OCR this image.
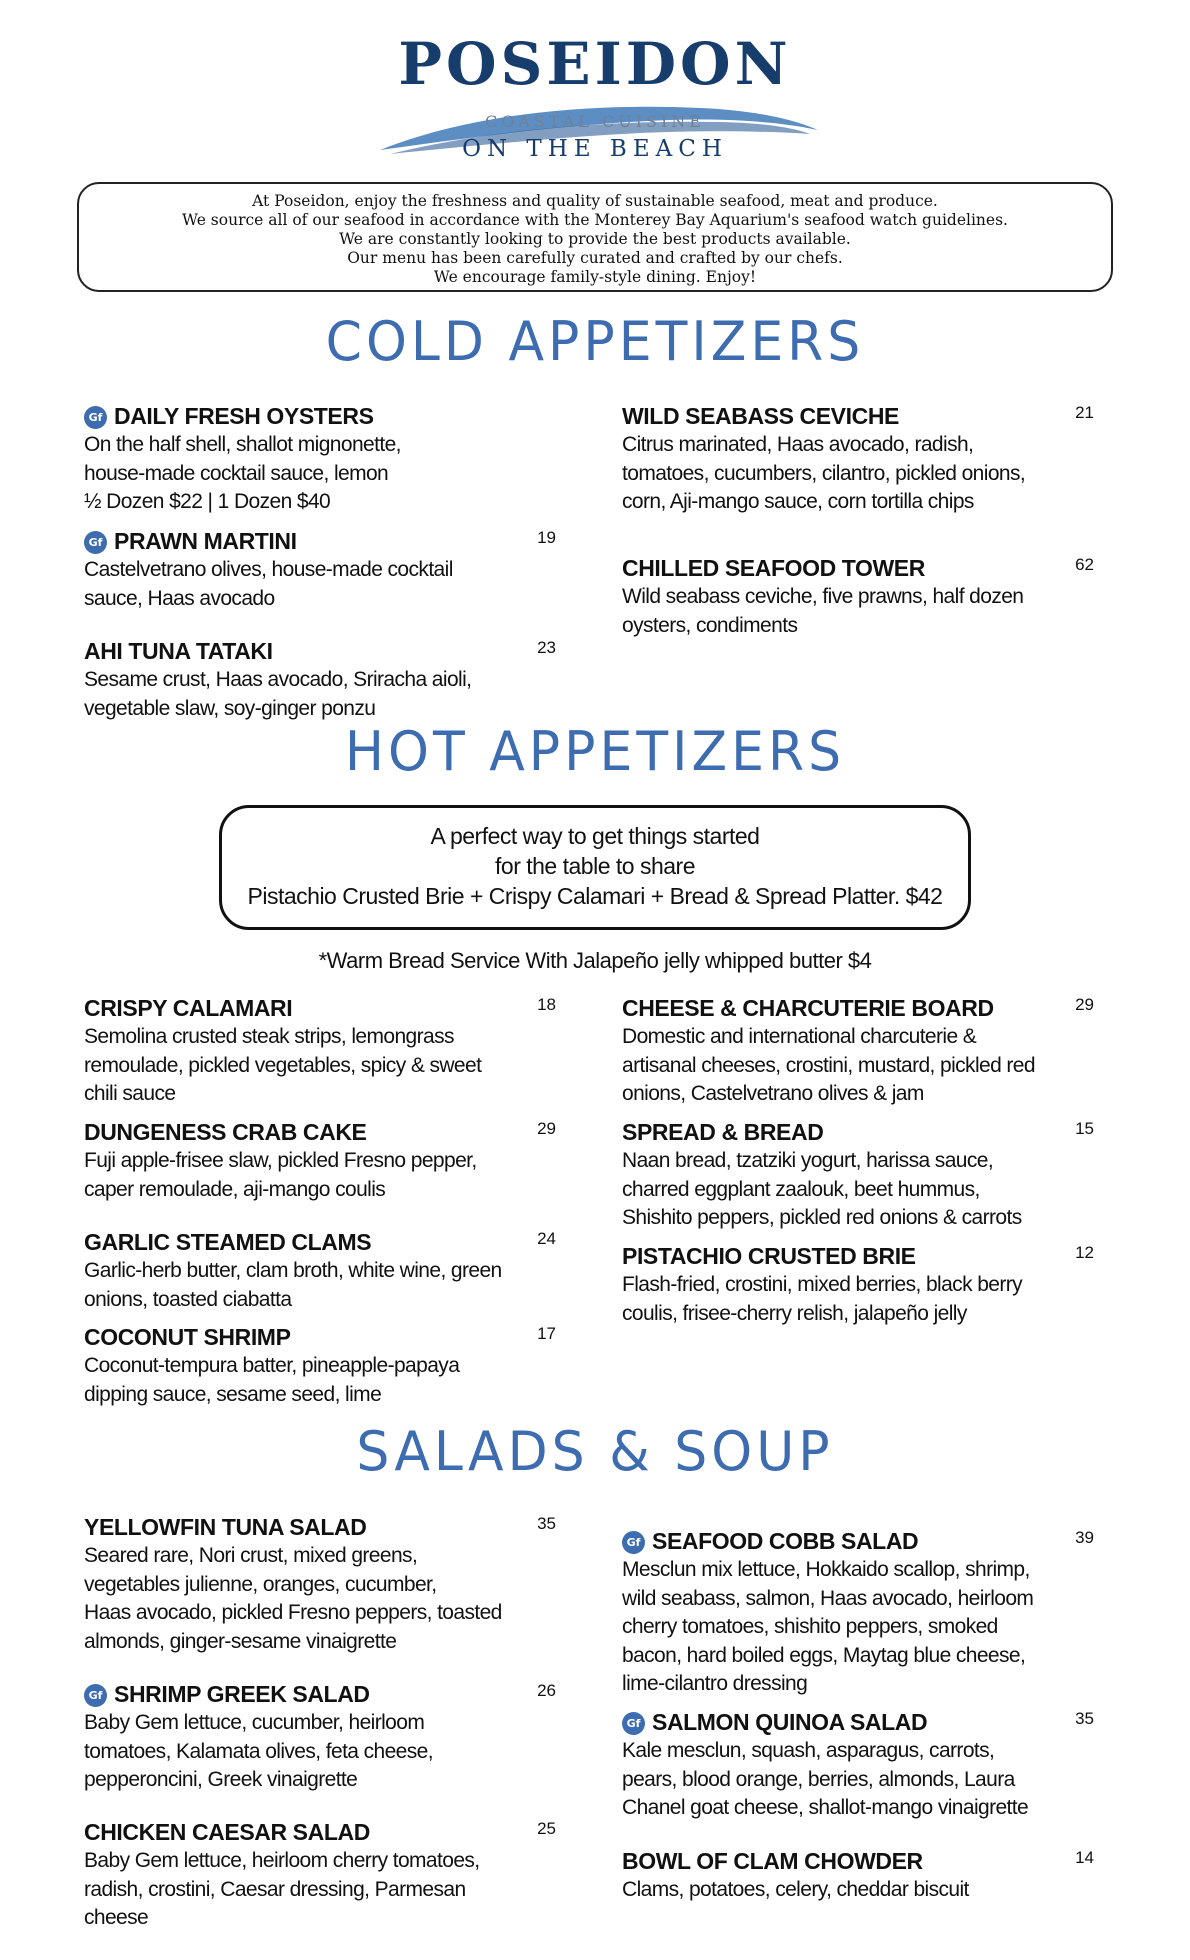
POSEIDON
COASTAL CUISINE
ON THE BEACH
At Poseidon, enjoy the freshness and quality of sustainable seafood, meat and produce.
We source all of our seafood in accordance with the Monterey Bay Aquarium's seafood watch guidelines.
We are constantly looking to provide the best products available.
Our menu has been carefully curated and crafted by our chefs.
We encourage family-style dining. Enjoy!
COLD APPETIZERS
Gf DAILY FRESH OYSTERS
On the half shell, shallot mignonette,
house-made cocktail sauce, lemon
½ Dozen $22 | 1 Dozen $40
Gf PRAWN MARTINI	19
Castelvetrano olives, house-made cocktail
sauce, Haas avocado
AHI TUNA TATAKI	23
Sesame crust, Haas avocado, Sriracha aioli,
vegetable slaw, soy-ginger ponzu
WILD SEABASS CEVICHE	21
Citrus marinated, Haas avocado, radish,
tomatoes, cucumbers, cilantro, pickled onions,
corn, Aji-mango sauce, corn tortilla chips
CHILLED SEAFOOD TOWER	62
Wild seabass ceviche, five prawns, half dozen
oysters, condiments
HOT APPETIZERS
A perfect way to get things started
for the table to share
Pistachio Crusted Brie + Crispy Calamari + Bread & Spread Platter. $42
*Warm Bread Service With Jalapeño jelly whipped butter $4
CRISPY CALAMARI	18
Semolina crusted steak strips, lemongrass
remoulade, pickled vegetables, spicy & sweet
chili sauce
DUNGENESS CRAB CAKE	29
Fuji apple-frisee slaw, pickled Fresno pepper,
caper remoulade, aji-mango coulis
GARLIC STEAMED CLAMS	24
Garlic-herb butter, clam broth, white wine, green
onions, toasted ciabatta
COCONUT SHRIMP	17
Coconut-tempura batter, pineapple-papaya
dipping sauce, sesame seed, lime
CHEESE & CHARCUTERIE BOARD	29
Domestic and international charcuterie &
artisanal cheeses, crostini, mustard, pickled red
onions, Castelvetrano olives & jam
SPREAD & BREAD	15
Naan bread, tzatziki yogurt, harissa sauce,
charred eggplant zaalouk, beet hummus,
Shishito peppers, pickled red onions & carrots
PISTACHIO CRUSTED BRIE	12
Flash-fried, crostini, mixed berries, black berry
coulis, frisee-cherry relish, jalapeño jelly
SALADS & SOUP
YELLOWFIN TUNA SALAD	35
Seared rare, Nori crust, mixed greens,
vegetables julienne, oranges, cucumber,
Haas avocado, pickled Fresno peppers, toasted
almonds, ginger-sesame vinaigrette
Gf SHRIMP GREEK SALAD	26
Baby Gem lettuce, cucumber, heirloom
tomatoes, Kalamata olives, feta cheese,
pepperoncini, Greek vinaigrette
CHICKEN CAESAR SALAD	25
Baby Gem lettuce, heirloom cherry tomatoes,
radish, crostini, Caesar dressing, Parmesan
cheese
Gf SEAFOOD COBB SALAD	39
Mesclun mix lettuce, Hokkaido scallop, shrimp,
wild seabass, salmon, Haas avocado, heirloom
cherry tomatoes, shishito peppers, smoked
bacon, hard boiled eggs, Maytag blue cheese,
lime-cilantro dressing
Gf SALMON QUINOA SALAD	35
Kale mesclun, squash, asparagus, carrots,
pears, blood orange, berries, almonds, Laura
Chanel goat cheese, shallot-mango vinaigrette
BOWL OF CLAM CHOWDER	14
Clams, potatoes, celery, cheddar biscuit
